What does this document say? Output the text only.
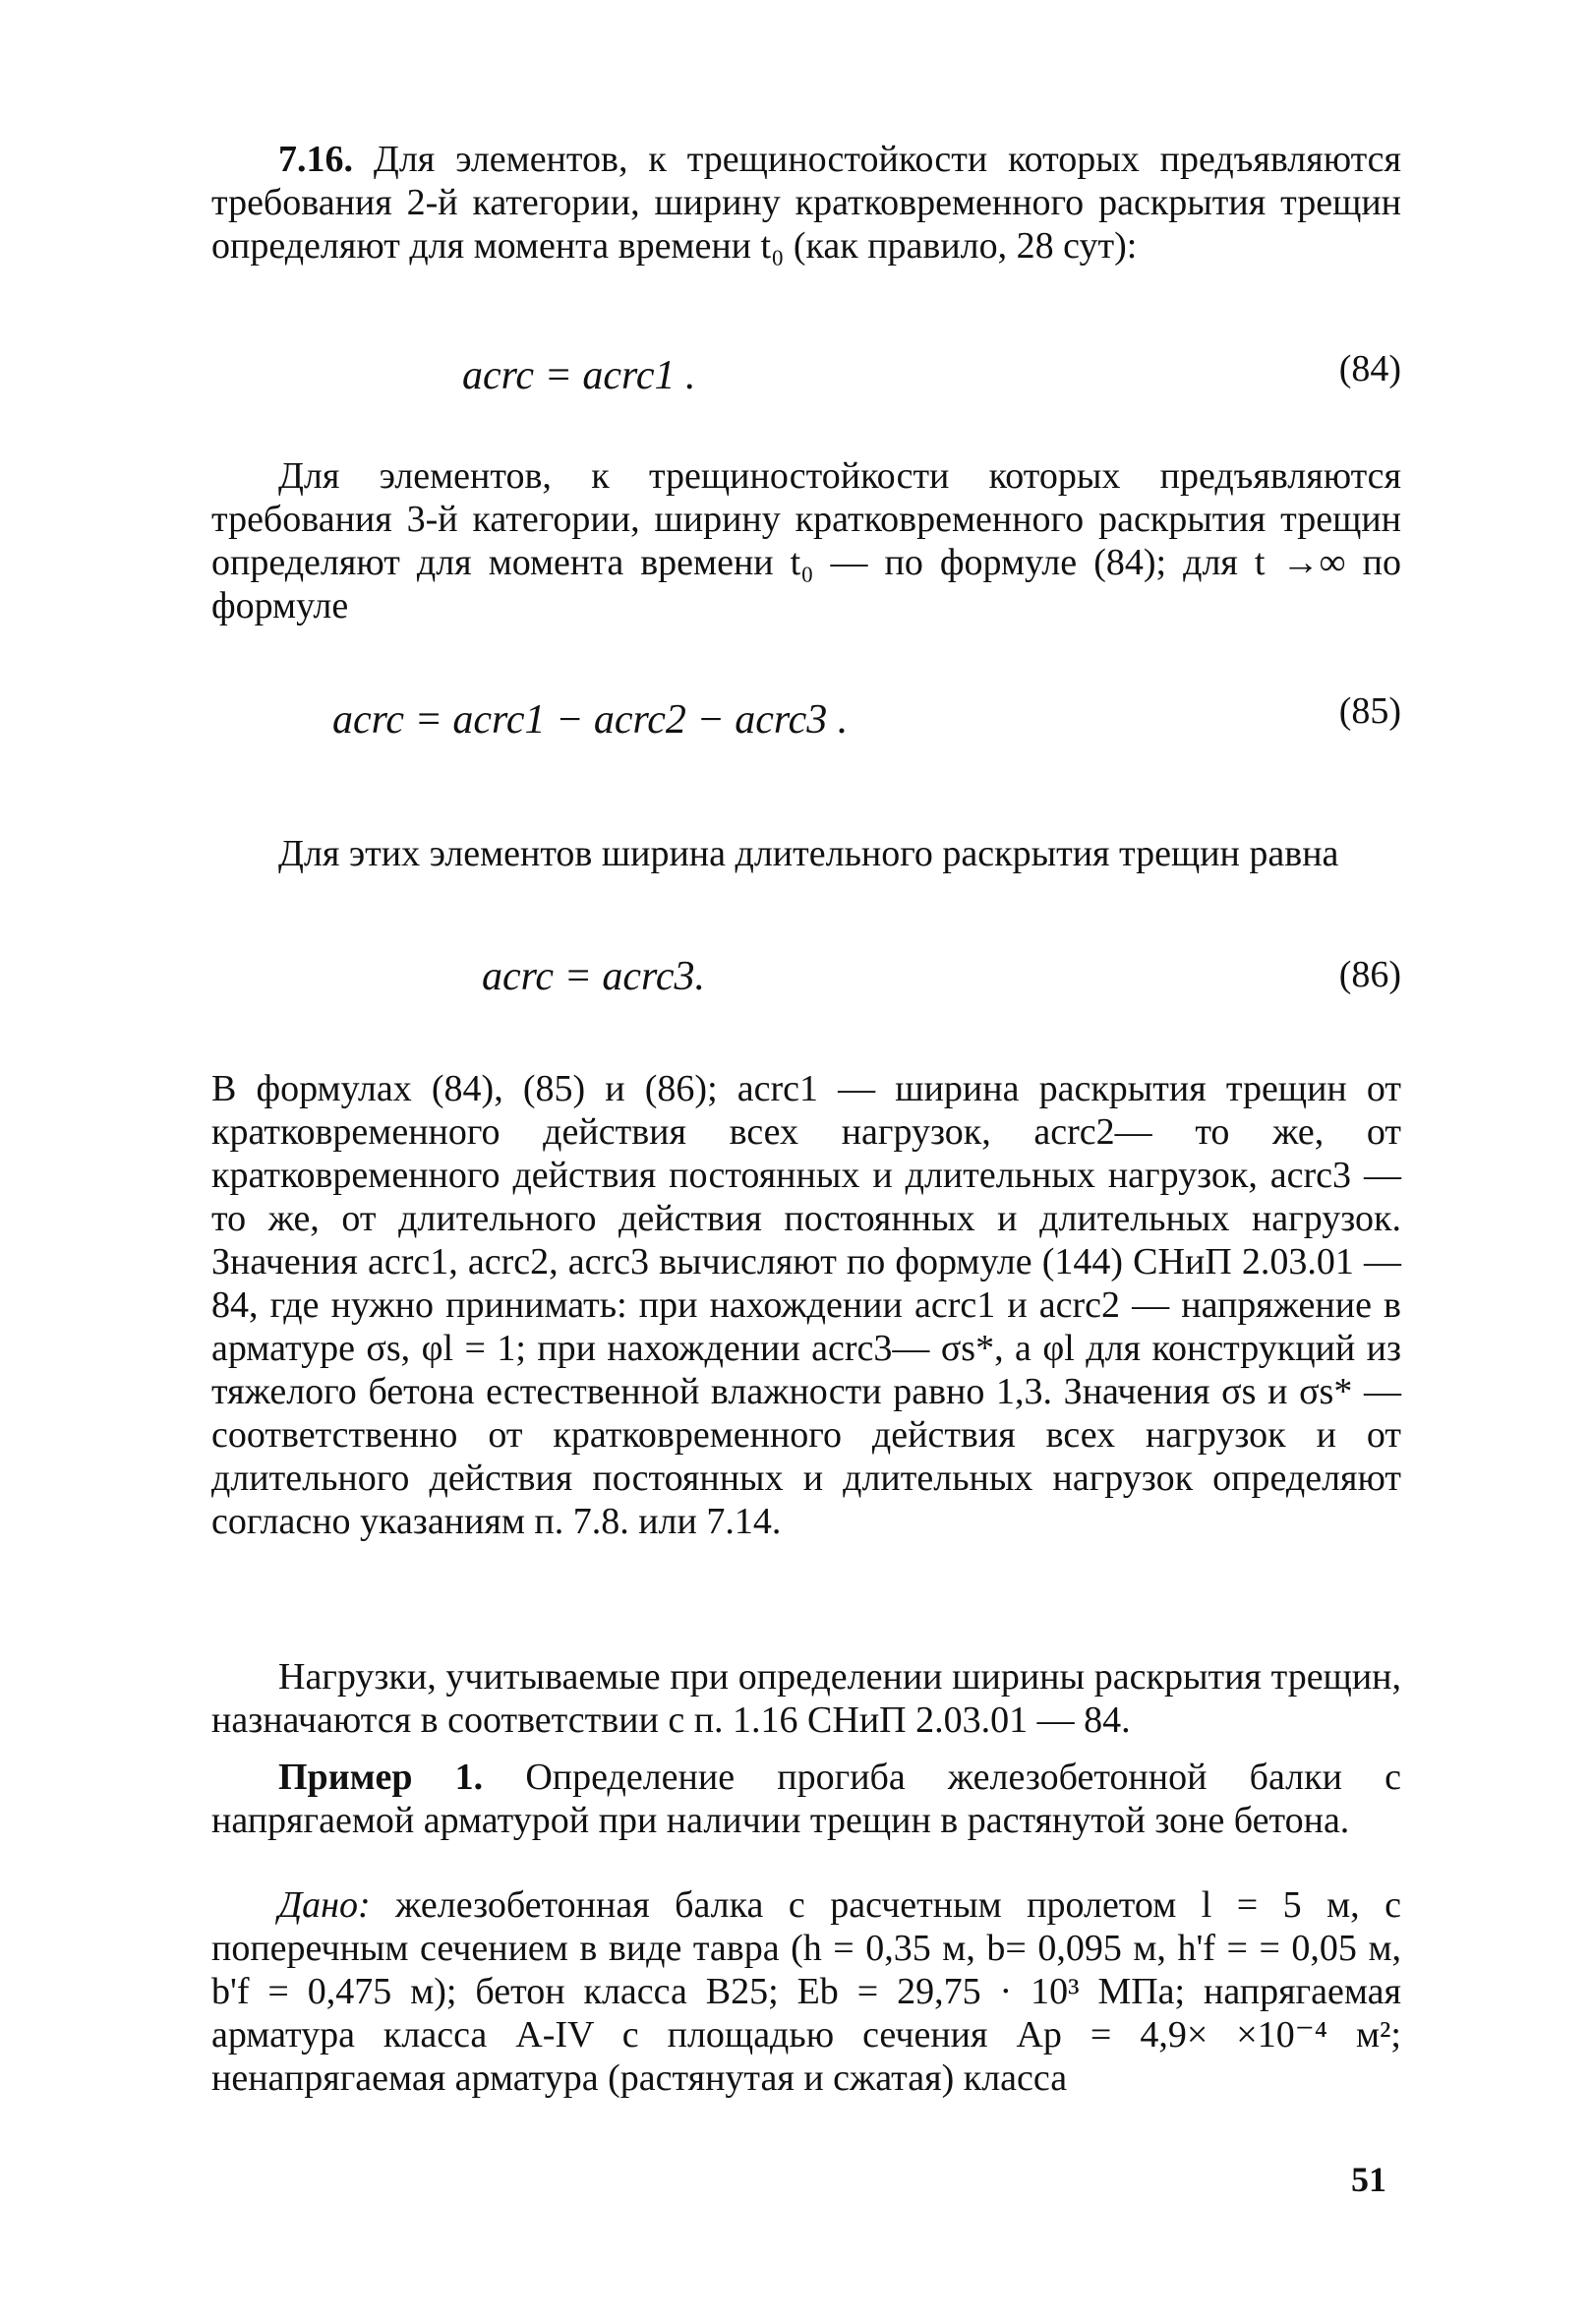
7.16. Для элементов, к трещиностойкости которых предъявляются требования 2-й категории, ширину кратковременного раскрытия трещин определяют для момента времени t₀ (как правило, 28 сут):

acrc = acrc1 .	(84)

Для элементов, к трещиностойкости которых предъявляются требования 3-й категории, ширину кратковременного раскрытия трещин определяют для момента времени t₀ — по формуле (84); для t →∞ по формуле

acrc = acrc1 − acrc2 − acrc3 .	(85)

Для этих элементов ширина длительного раскрытия трещин равна

acrc = acrc3.	(86)

В формулах (84), (85) и (86); acrc1 — ширина раскрытия трещин от кратковременного действия всех нагрузок, acrc2— то же, от кратковременного действия постоянных и длительных нагрузок, acrc3 — то же, от длительного действия постоянных и длительных нагрузок. Значения acrc1, acrc2, acrc3 вычисляют по формуле (144) СНиП 2.03.01 — 84, где нужно принимать: при нахождении acrc1 и acrc2 — напряжение в арматуре σs, φl = 1; при нахождении acrc3— σs*, а φl для конструкций из тяжелого бетона естественной влажности равно 1,3. Значения σs и σs* — соответственно от кратковременного действия всех нагрузок и от длительного действия постоянных и длительных нагрузок определяют согласно указаниям п. 7.8. или 7.14.

Нагрузки, учитываемые при определении ширины раскрытия трещин, назначаются в соответствии с п. 1.16 СНиП 2.03.01 — 84.

Пример 1. Определение прогиба железобетонной балки с напрягаемой арматурой при наличии трещин в растянутой зоне бетона.

Дано: железобетонная балка с расчетным пролетом l = 5 м, с поперечным сечением в виде тавра (h = 0,35 м, b= 0,095 м, h'f = = 0,05 м, b'f = 0,475 м); бетон класса B25; Eb = 29,75 · 10³ МПа; напрягаемая арматура класса А-IV с площадью сечения Ap = 4,9× ×10⁻⁴ м²; ненапрягаемая арматура (растянутая и сжатая) класса

51
